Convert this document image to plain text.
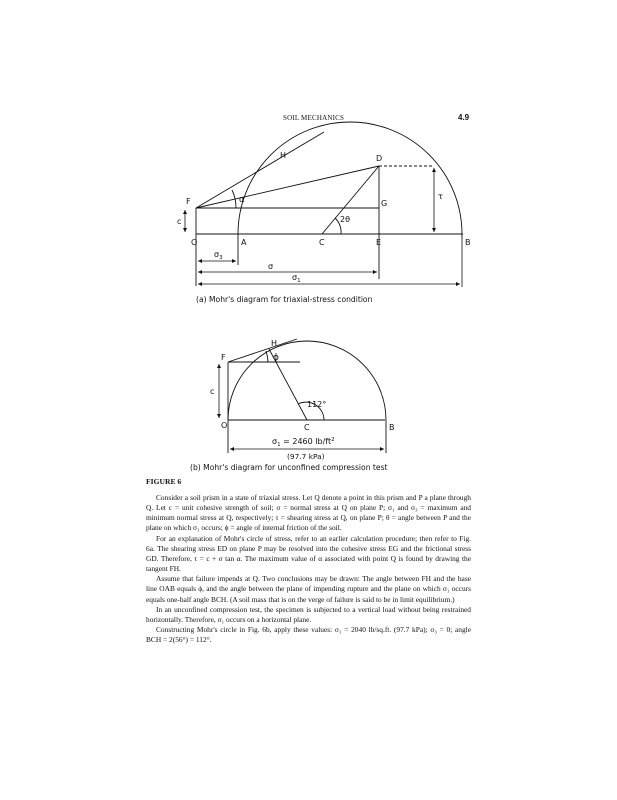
SOIL MECHANICS	4.9
H	D
F	G
O	A	C	E	B
α
2θ
τ
c
$\sigma_3$
σ
$\sigma_1$
(a) Mohr's diagram for triaxial-stress condition
H
F
O	C	B
ϕ
c
112°
$\sigma_1 = 2460$ $lb/ft^2$
(97.7 kPa)
(b) Mohr's diagram for unconfined compression test
FIGURE 6

Consider a soil prism in a state of triaxial stress. Let Q denote a point in this prism and P a plane through Q. Let c = unit cohesive strength of soil; σ = normal stress at Q on plane P; σ₁ and σ₃ = maximum and minimum normal stress at Q, respectively; τ = shearing stress at Q, on plane P; θ = angle between P and the plane on which σ₁ occurs; ϕ = angle of internal friction of the soil.

For an explanation of Mohr's circle of stress, refer to an earlier calculation procedure; then refer to Fig. 6a. The shearing stress ED on plane P may be resolved into the cohesive stress EG and the frictional stress GD. Therefore, τ = c + σ tan α. The maximum value of α associated with point Q is found by drawing the tangent FH.

Assume that failure impends at Q. Two conclusions may be drawn: The angle between FH and the base line OAB equals ϕ, and the angle between the plane of impending rupture and the plane on which σ₁ occurs equals one-half angle BCH. (A soil mass that is on the verge of failure is said to be in limit equilibrium.)

In an unconfined compression test, the specimen is subjected to a vertical load without being restrained horizontally. Therefore, σ₁ occurs on a horizontal plane.

Constructing Mohr's circle in Fig. 6b, apply these values: σ₁ = 2040 lb/sq.ft. (97.7 kPa); σ₃ = 0; angle BCH = 2(56°) = 112°.
